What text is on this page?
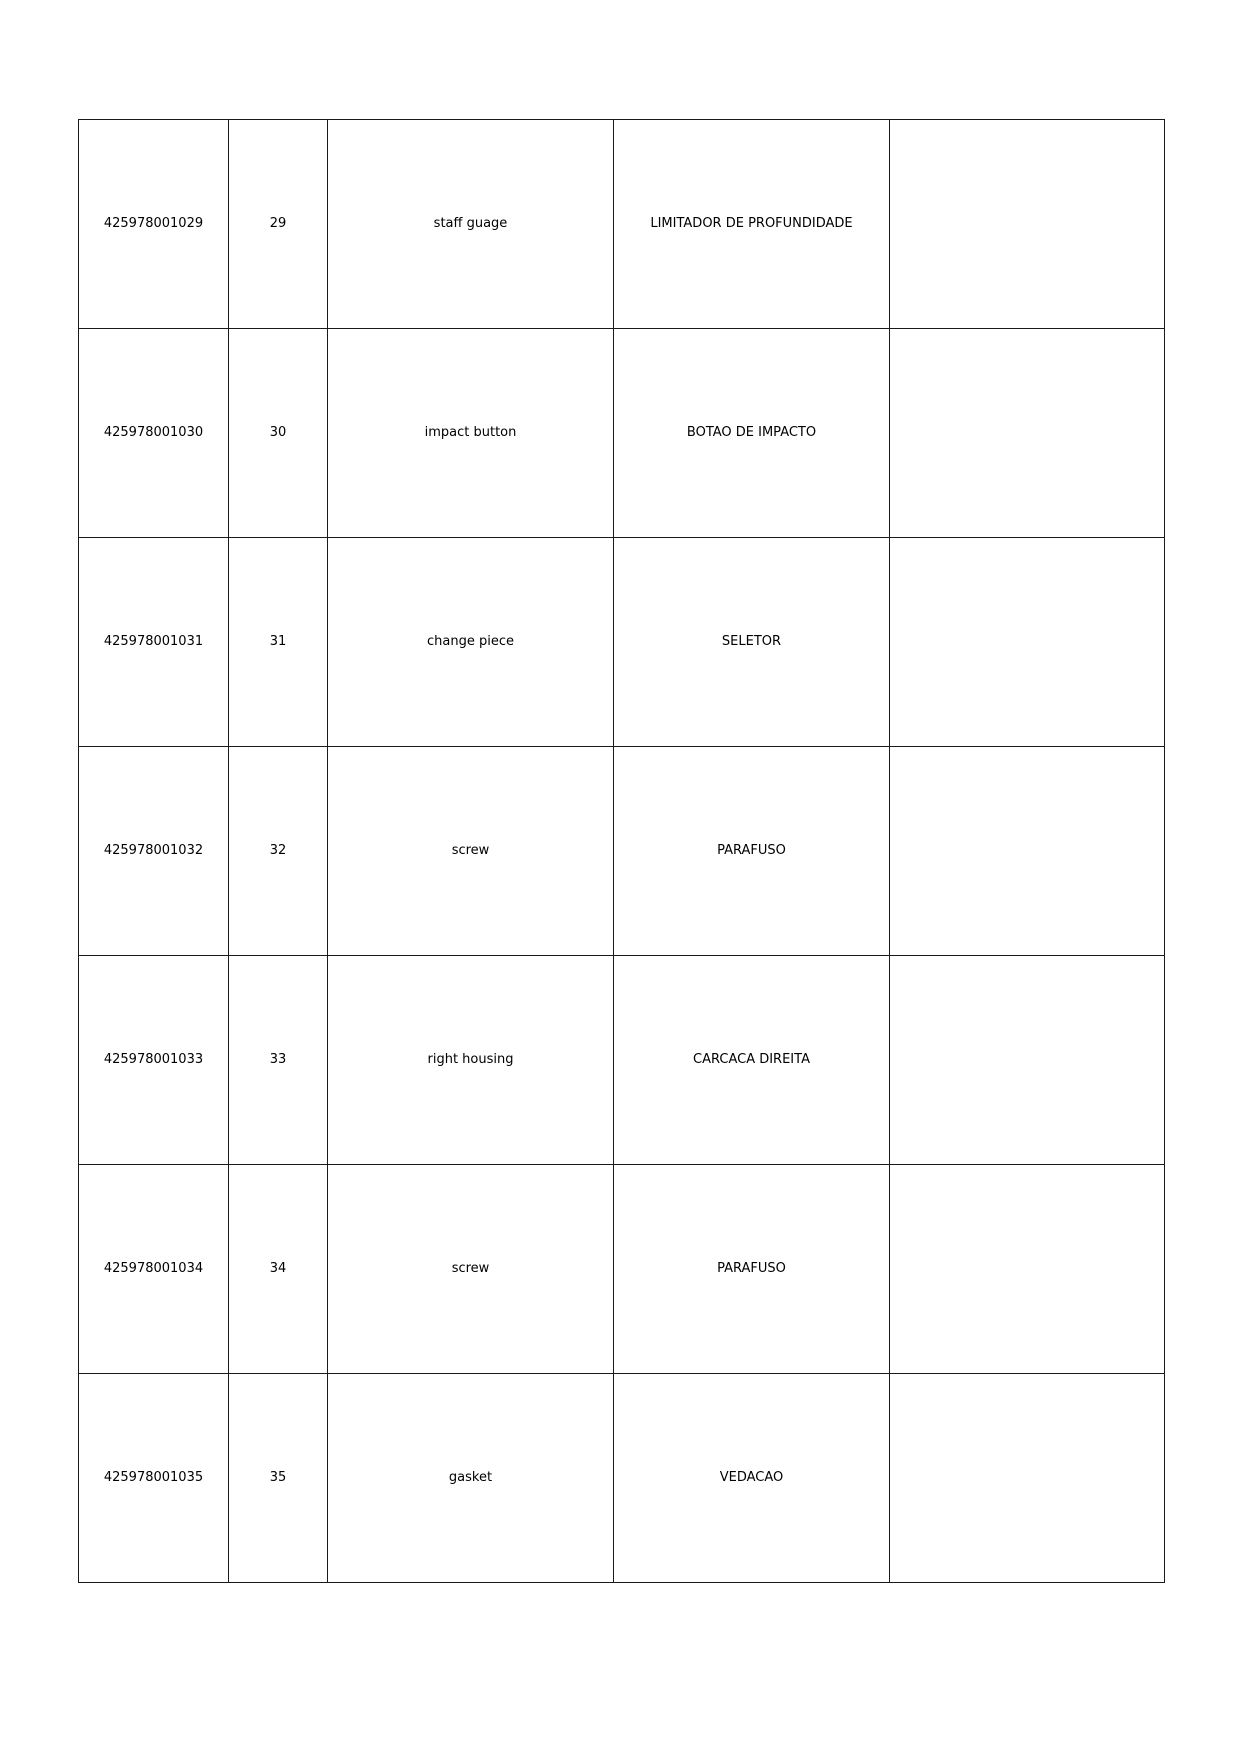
425978001029	29	staff guage	LIMITADOR DE PROFUNDIDADE	
425978001030	30	impact button	BOTAO DE IMPACTO	
425978001031	31	change piece	SELETOR	
425978001032	32	screw	PARAFUSO	
425978001033	33	right housing	CARCACA DIREITA	
425978001034	34	screw	PARAFUSO	
425978001035	35	gasket	VEDACAO	
